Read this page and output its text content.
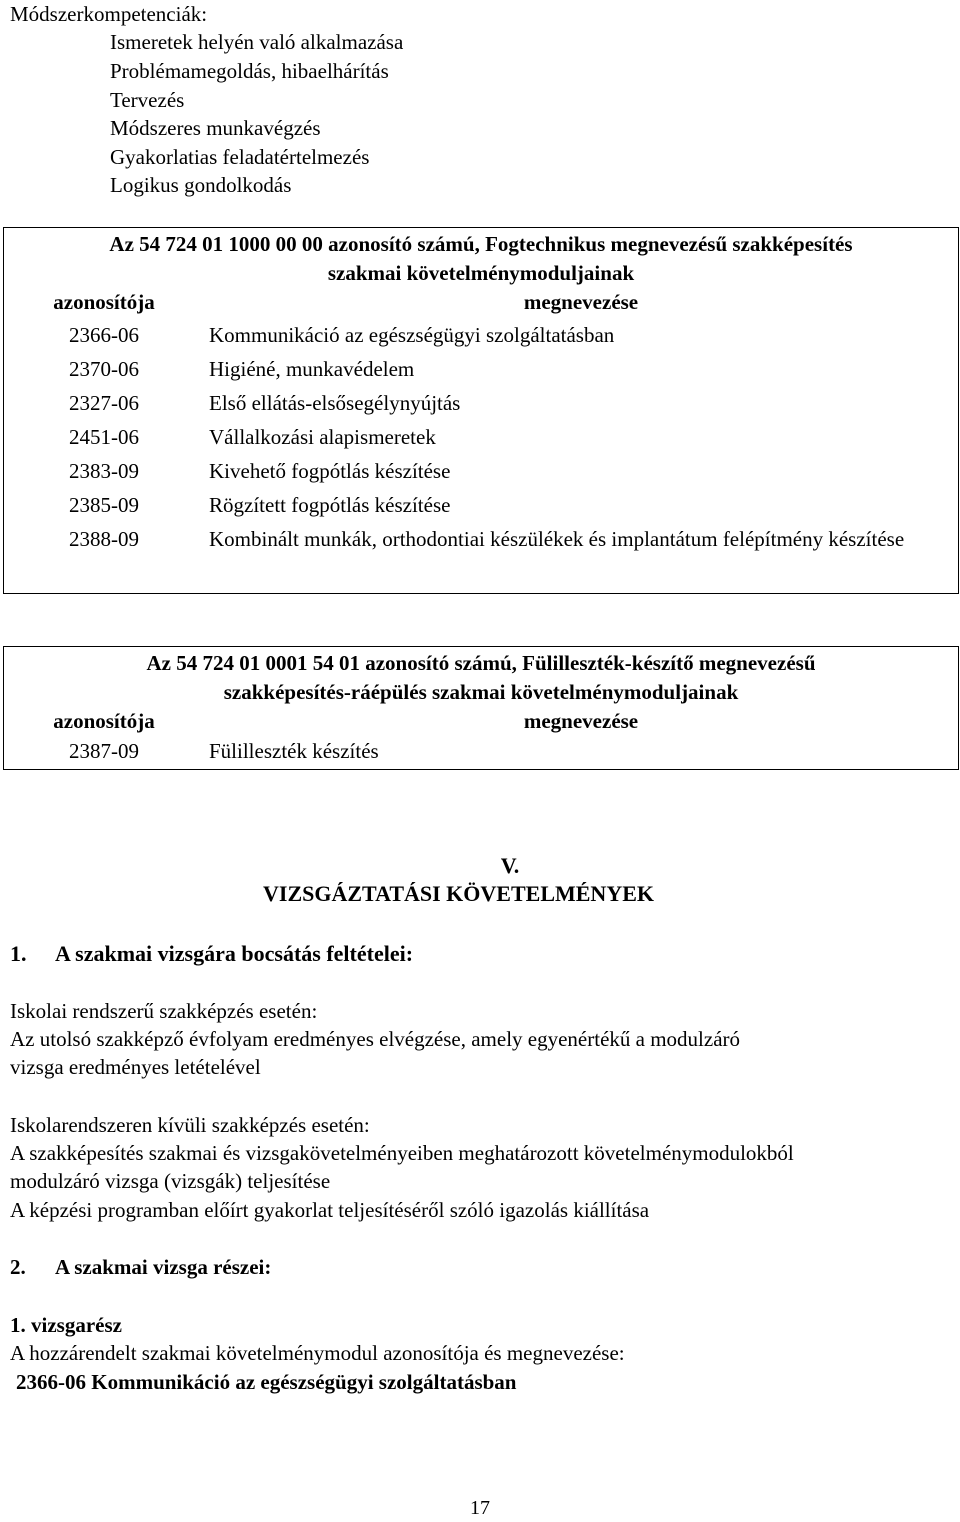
Módszerkompetenciák:
Ismeretek helyén való alkalmazása
Problémamegoldás, hibaelhárítás
Tervezés
Módszeres munkavégzés
Gyakorlatias feladatértelmezés
Logikus gondolkodás
Az 54 724 01 1000 00 00 azonosító számú, Fogtechnikus megnevezésű szakképesítés
szakmai követelménymoduljainak	

azonosítója	megnevezése
2366-06	Kommunikáció az egészségügyi szolgáltatásban
2370-06	Higiéné, munkavédelem
2327-06	Első ellátás-elsősegélynyújtás
2451-06	Vállalkozási alapismeretek
2383-09	Kivehető fogpótlás készítése
2385-09	Rögzített fogpótlás készítése
2388-09	Kombinált munkák, orthodontiai készülékek és implantátum felépítmény készítése
Az 54 724 01 0001 54 01 azonosító számú, Fülilleszték-készítő megnevezésű
szakképesítés-ráépülés szakmai követelménymoduljainak	

azonosítója	megnevezése
2387-09	Fülilleszték készítés
V.
VIZSGÁZTATÁSI KÖVETELMÉNYEK
1. A szakmai vizsgára bocsátás feltételei:
Iskolai rendszerű szakképzés esetén:
Az utolsó szakképző évfolyam eredményes elvégzése, amely egyenértékű a modulzáró
vizsga eredményes letételével
Iskolarendszeren kívüli szakképzés esetén:
A szakképesítés szakmai és vizsgakövetelményeiben meghatározott követelménymodulokból
modulzáró vizsga (vizsgák) teljesítése
A képzési programban előírt gyakorlat teljesítéséről szóló igazolás kiállítása
2. A szakmai vizsga részei:
1. vizsgarész
A hozzárendelt szakmai követelménymodul azonosítója és megnevezése:
2366-06 Kommunikáció az egészségügyi szolgáltatásban
17
